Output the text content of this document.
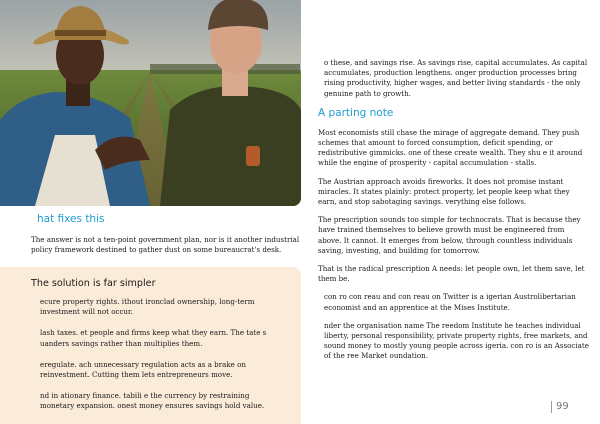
hat fixes this

The answer is not a ten-point government plan, nor is it another industrial policy framework destined to gather dust on some bureaucrat's desk.

The solution is far simpler

ecure property rights. ithout ironclad ownership, long-term investment will not occur.

lash taxes. et people and firms keep what they earn. The tate s uanders savings rather than multiplies them.

eregulate. ach unnecessary regulation acts as a brake on reinvestment. Cutting them lets entrepreneurs move.

nd in ationary finance. tabili e the currency by restraining monetary expansion. onest money ensures savings hold value.

o these, and savings rise. As savings rise, capital accumulates. As capital accumulates, production lengthens. onger production processes bring rising productivity, higher wages, and better living standards - the only genuine path to growth.

A parting note

Most economists still chase the mirage of aggregate demand. They push schemes that amount to forced consumption, deficit spending, or redistributive gimmicks. one of these create wealth. They shu e it around while the engine of prosperity - capital accumulation - stalls.

The Austrian approach avoids fireworks. It does not promise instant miracles. It states plainly: protect property, let people keep what they earn, and stop sabotaging savings. verything else follows.

The prescription sounds too simple for technocrats. That is because they have trained themselves to believe growth must be engineered from above. It cannot. It emerges from below, through countless individuals saving, investing, and building for tomorrow.

That is the radical prescription A needs: let people own, let them save, let them be.

con ro con reau and con reau on Twitter is a igerian Austrolibertarian economist and an apprentice at the Mises Institute.

nder the organisation name The reedom Institute he teaches individual liberty, personal responsibility, private property rights, free markets, and sound money to mostly young people across igeria. con ro is an Associate of the ree Market oundation.

99
